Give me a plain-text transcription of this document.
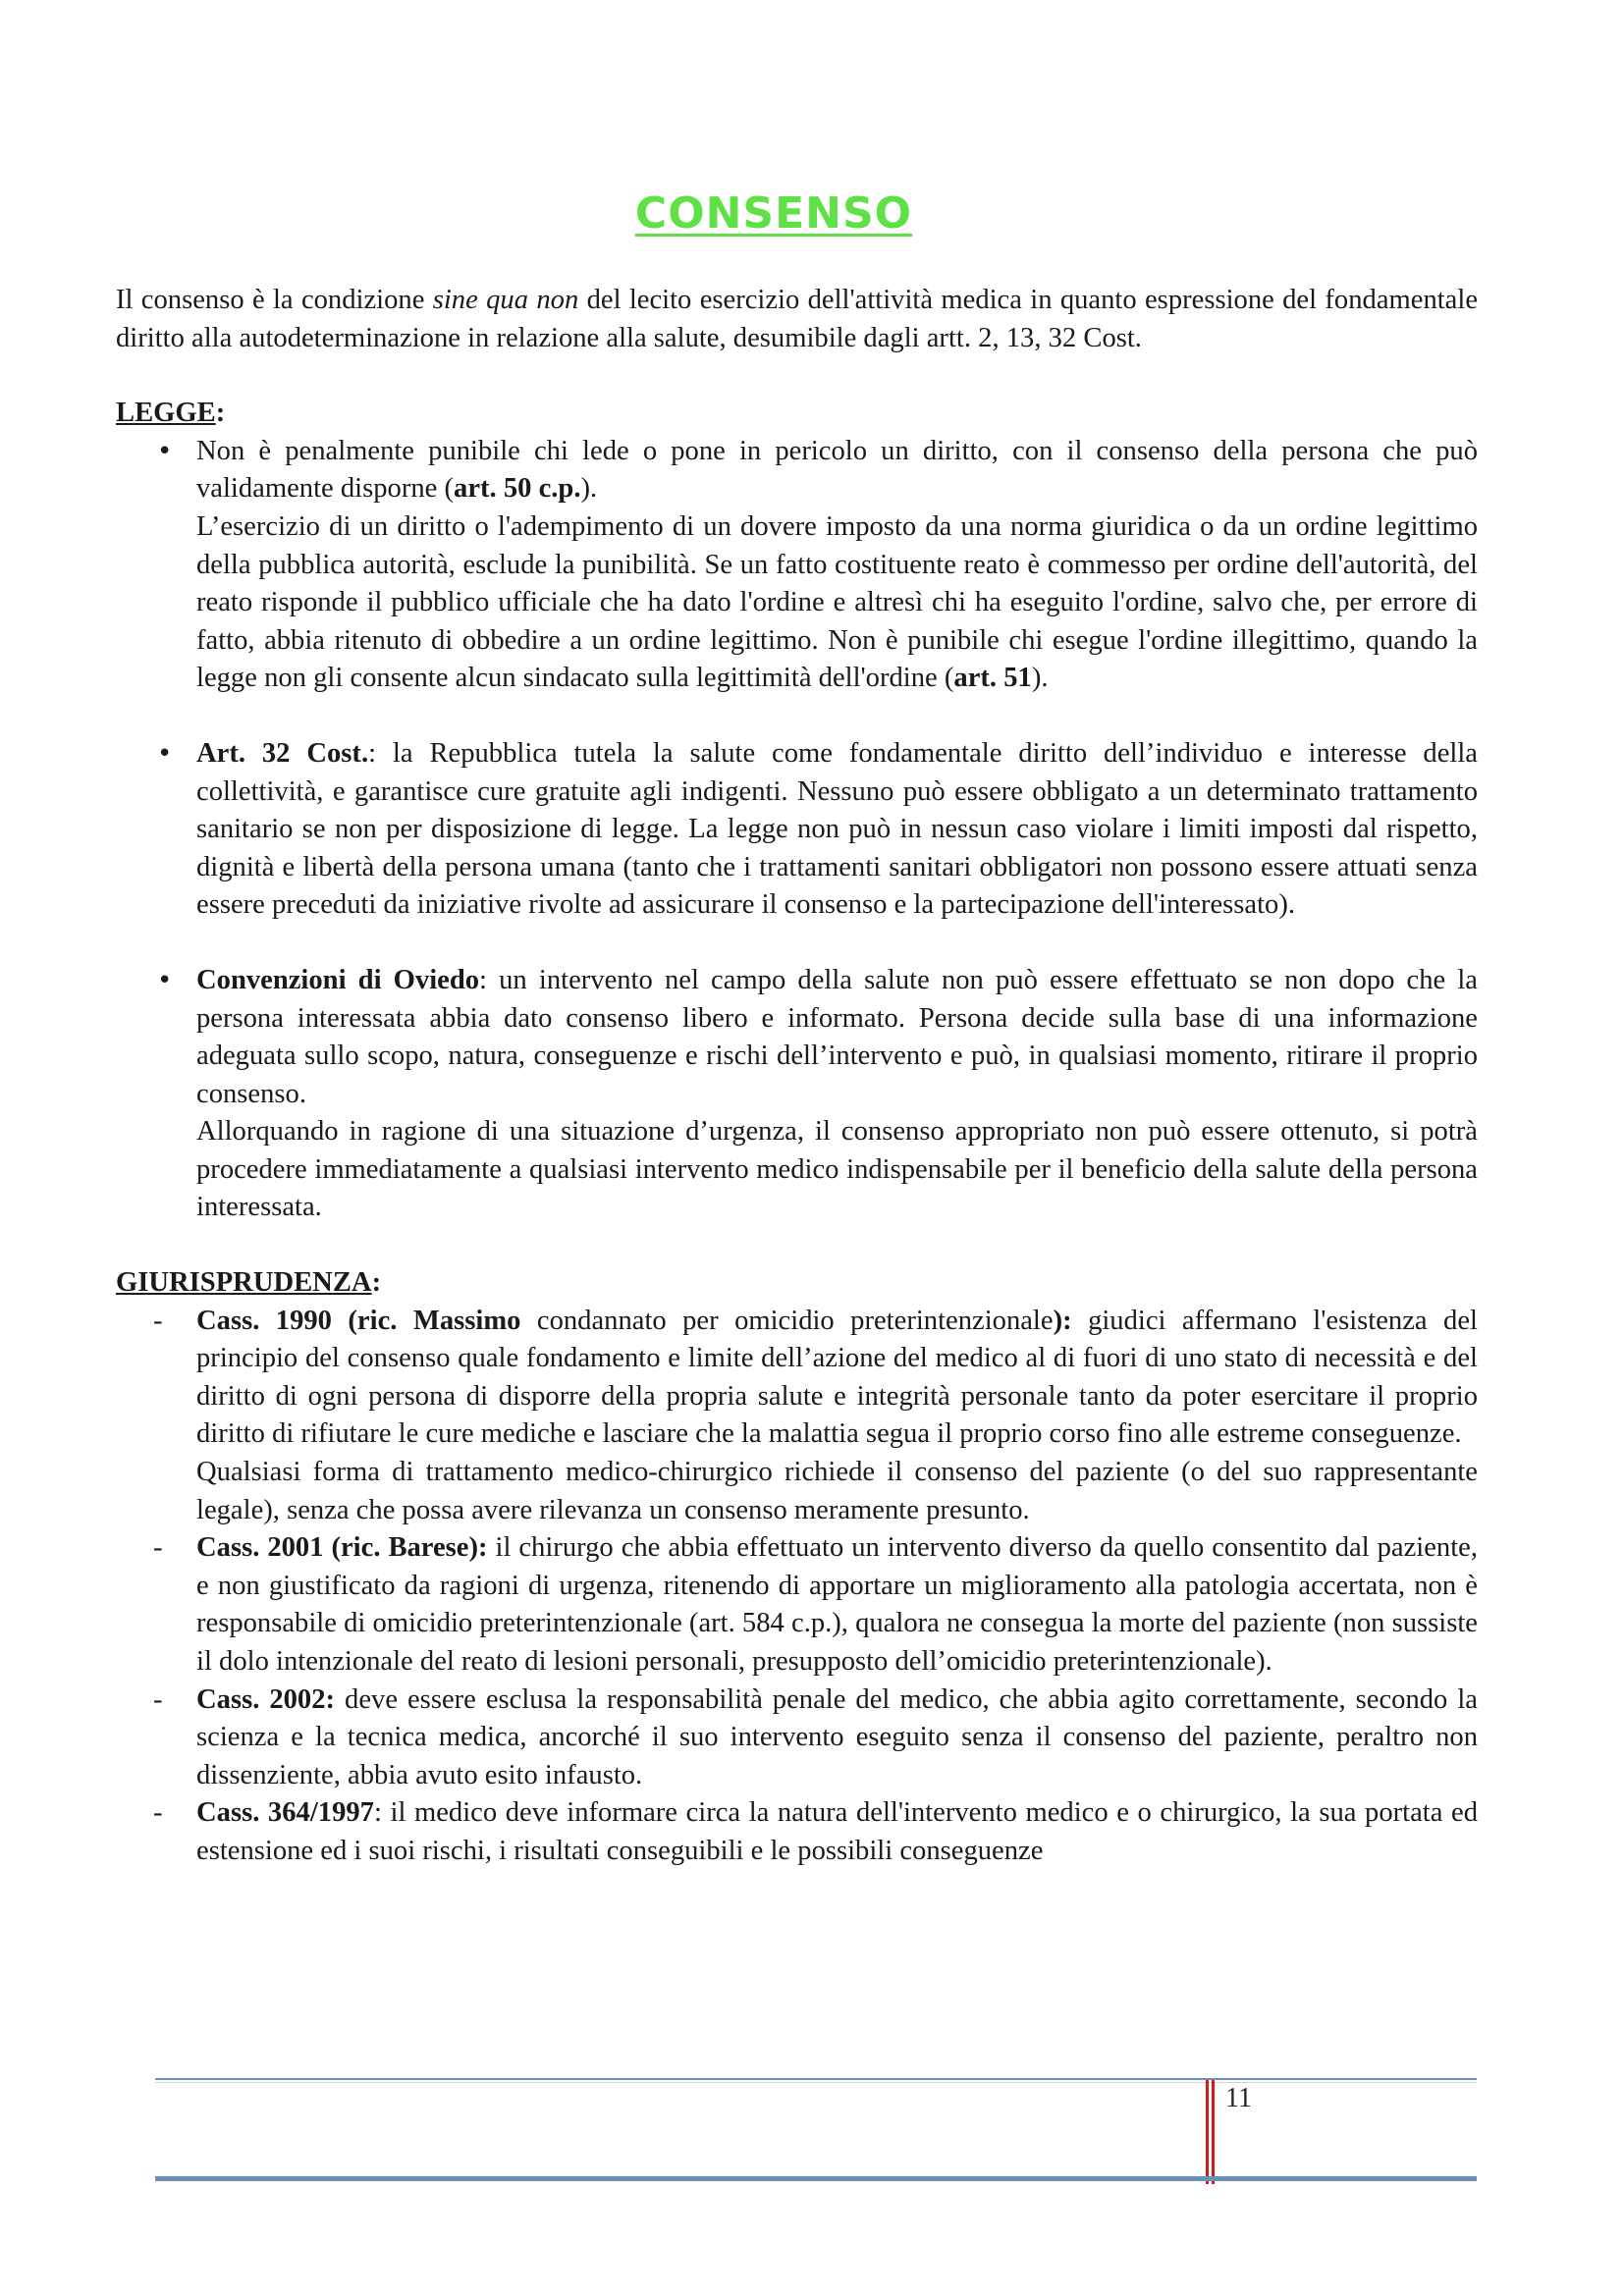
CONSENSO

Il consenso è la condizione sine qua non del lecito esercizio dell'attività medica in quanto espressione del fondamentale diritto alla autodeterminazione in relazione alla salute, desumibile dagli artt. 2, 13, 32 Cost.

LEGGE:

• Non è penalmente punibile chi lede o pone in pericolo un diritto, con il consenso della persona che può validamente disporne (art. 50 c.p.).
L’esercizio di un diritto o l'adempimento di un dovere imposto da una norma giuridica o da un ordine legittimo della pubblica autorità, esclude la punibilità. Se un fatto costituente reato è commesso per ordine dell'autorità, del reato risponde il pubblico ufficiale che ha dato l'ordine e altresì chi ha eseguito l'ordine, salvo che, per errore di fatto, abbia ritenuto di obbedire a un ordine legittimo. Non è punibile chi esegue l'ordine illegittimo, quando la legge non gli consente alcun sindacato sulla legittimità dell'ordine (art. 51).
• Art. 32 Cost.: la Repubblica tutela la salute come fondamentale diritto dell’individuo e interesse della collettività, e garantisce cure gratuite agli indigenti. Nessuno può essere obbligato a un determinato trattamento sanitario se non per disposizione di legge. La legge non può in nessun caso violare i limiti imposti dal rispetto, dignità e libertà della persona umana (tanto che i trattamenti sanitari obbligatori non possono essere attuati senza essere preceduti da iniziative rivolte ad assicurare il consenso e la partecipazione dell'interessato).
• Convenzioni di Oviedo: un intervento nel campo della salute non può essere effettuato se non dopo che la persona interessata abbia dato consenso libero e informato. Persona decide sulla base di una informazione adeguata sullo scopo, natura, conseguenze e rischi dell’intervento e può, in qualsiasi momento, ritirare il proprio consenso.
Allorquando in ragione di una situazione d’urgenza, il consenso appropriato non può essere ottenuto, si potrà procedere immediatamente a qualsiasi intervento medico indispensabile per il beneficio della salute della persona interessata.

GIURISPRUDENZA:

- Cass. 1990 (ric. Massimo condannato per omicidio preterintenzionale): giudici affermano l'esistenza del principio del consenso quale fondamento e limite dell’azione del medico al di fuori di uno stato di necessità e del diritto di ogni persona di disporre della propria salute e integrità personale tanto da poter esercitare il proprio diritto di rifiutare le cure mediche e lasciare che la malattia segua il proprio corso fino alle estreme conseguenze.
Qualsiasi forma di trattamento medico-chirurgico richiede il consenso del paziente (o del suo rappresentante legale), senza che possa avere rilevanza un consenso meramente presunto.
- Cass. 2001 (ric. Barese): il chirurgo che abbia effettuato un intervento diverso da quello consentito dal paziente, e non giustificato da ragioni di urgenza, ritenendo di apportare un miglioramento alla patologia accertata, non è responsabile di omicidio preterintenzionale (art. 584 c.p.), qualora ne consegua la morte del paziente (non sussiste il dolo intenzionale del reato di lesioni personali, presupposto dell’omicidio preterintenzionale).
- Cass. 2002: deve essere esclusa la responsabilità penale del medico, che abbia agito correttamente, secondo la scienza e la tecnica medica, ancorché il suo intervento eseguito senza il consenso del paziente, peraltro non dissenziente, abbia avuto esito infausto.
- Cass. 364/1997: il medico deve informare circa la natura dell'intervento medico e o chirurgico, la sua portata ed estensione ed i suoi rischi, i risultati conseguibili e le possibili conseguenze
11
